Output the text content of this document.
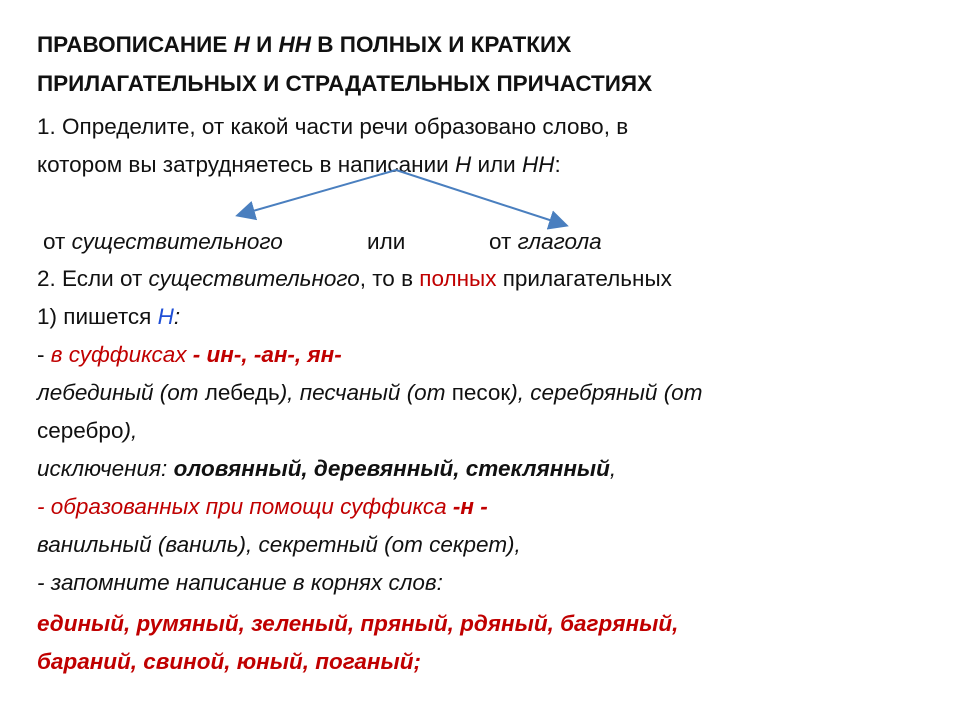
ПРАВОПИСАНИЕ Н И НН В ПОЛНЫХ И КРАТКИХ
ПРИЛАГАТЕЛЬНЫХ И СТРАДАТЕЛЬНЫХ ПРИЧАСТИЯХ
1. Определите, от какой части речи образовано слово, в
котором вы затрудняетесь в написании Н или НН:
от существительного	или	от глагола
2. Если от существительного, то в полных прилагательных
1) пишется Н:
- в суффиксах - ин-, -ан-, ян-
лебединый (от лебедь), песчаный (от песок), серебряный (от
серебро),
исключения: оловянный, деревянный, стеклянный,
- образованных при помощи суффикса -н -
ванильный (ваниль), секретный (от секрет),
- запомните написание в корнях слов:
единый, румяный, зеленый, пряный, рдяный, багряный,
бараний, свиной, юный, поганый;
